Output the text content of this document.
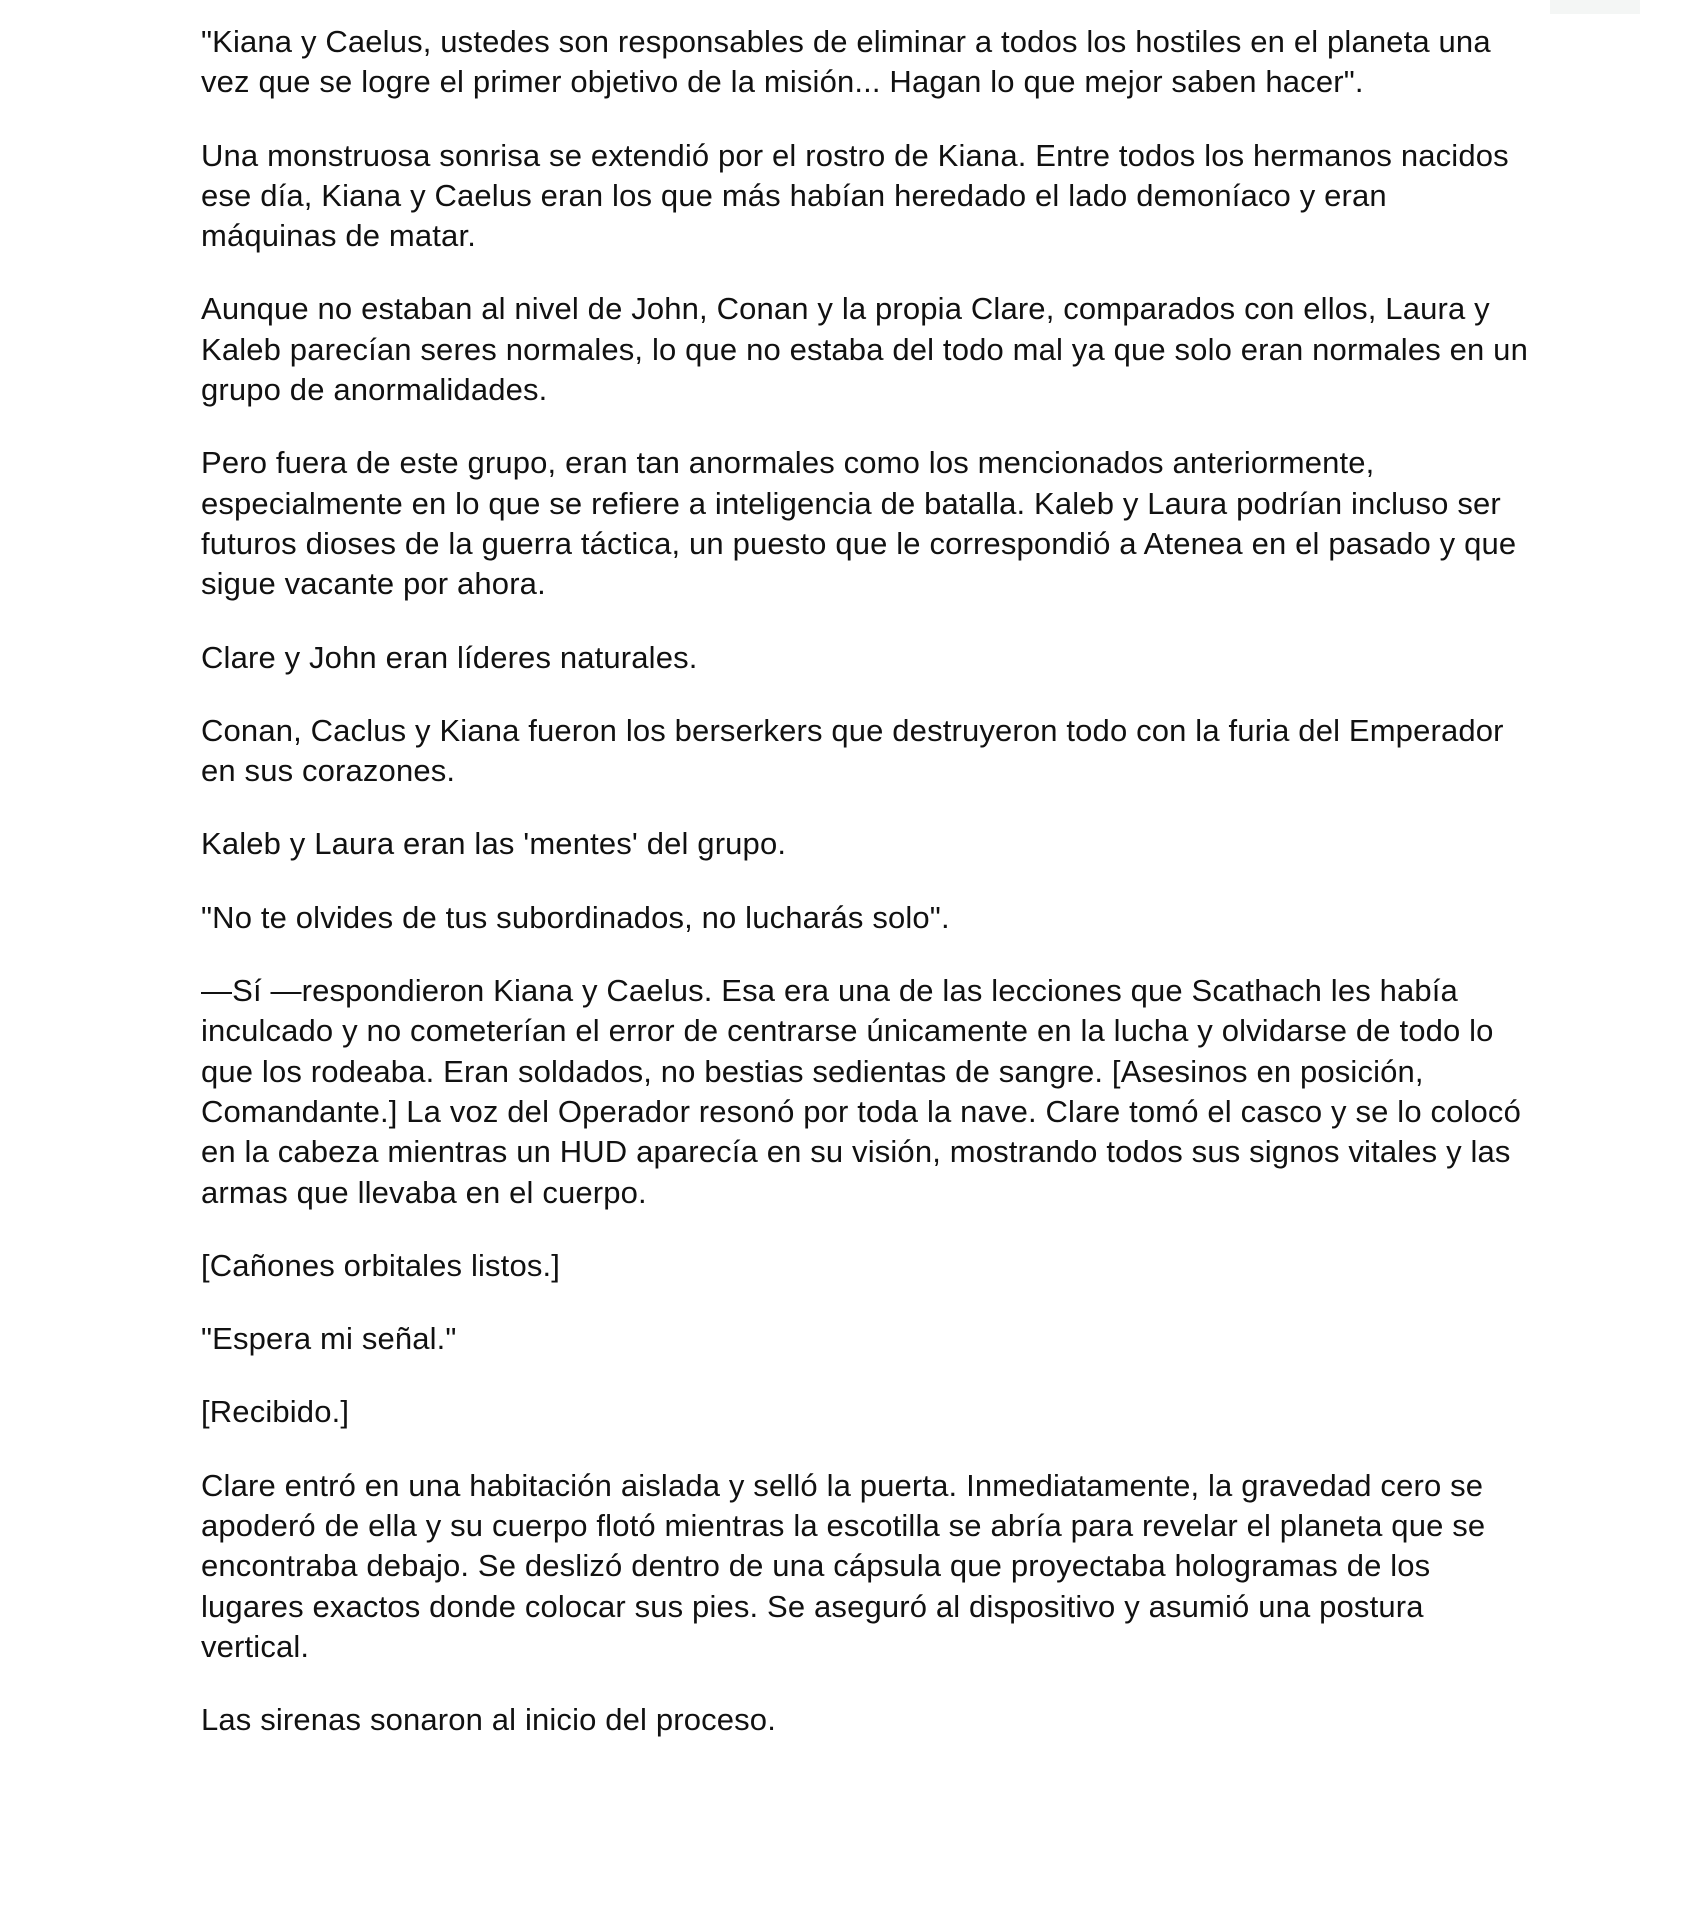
"Kiana y Caelus, ustedes son responsables de eliminar a todos los hostiles en el planeta una vez que se logre el primer objetivo de la misión... Hagan lo que mejor saben hacer".

Una monstruosa sonrisa se extendió por el rostro de Kiana. Entre todos los hermanos nacidos ese día, Kiana y Caelus eran los que más habían heredado el lado demoníaco y eran máquinas de matar.

Aunque no estaban al nivel de John, Conan y la propia Clare, comparados con ellos, Laura y Kaleb parecían seres normales, lo que no estaba del todo mal ya que solo eran normales en un grupo de anormalidades.

Pero fuera de este grupo, eran tan anormales como los mencionados anteriormente, especialmente en lo que se refiere a inteligencia de batalla. Kaleb y Laura podrían incluso ser futuros dioses de la guerra táctica, un puesto que le correspondió a Atenea en el pasado y que sigue vacante por ahora.

Clare y John eran líderes naturales.

Conan, Caclus y Kiana fueron los berserkers que destruyeron todo con la furia del Emperador en sus corazones.

Kaleb y Laura eran las 'mentes' del grupo.

"No te olvides de tus subordinados, no lucharás solo".

—Sí —respondieron Kiana y Caelus. Esa era una de las lecciones que Scathach les había inculcado y no cometerían el error de centrarse únicamente en la lucha y olvidarse de todo lo que los rodeaba. Eran soldados, no bestias sedientas de sangre. [Asesinos en posición, Comandante.] La voz del Operador resonó por toda la nave. Clare tomó el casco y se lo colocó en la cabeza mientras un HUD aparecía en su visión, mostrando todos sus signos vitales y las armas que llevaba en el cuerpo.

[Cañones orbitales listos.]

"Espera mi señal."

[Recibido.]

Clare entró en una habitación aislada y selló la puerta. Inmediatamente, la gravedad cero se apoderó de ella y su cuerpo flotó mientras la escotilla se abría para revelar el planeta que se encontraba debajo. Se deslizó dentro de una cápsula que proyectaba hologramas de los lugares exactos donde colocar sus pies. Se aseguró al dispositivo y asumió una postura vertical.

Las sirenas sonaron al inicio del proceso.
